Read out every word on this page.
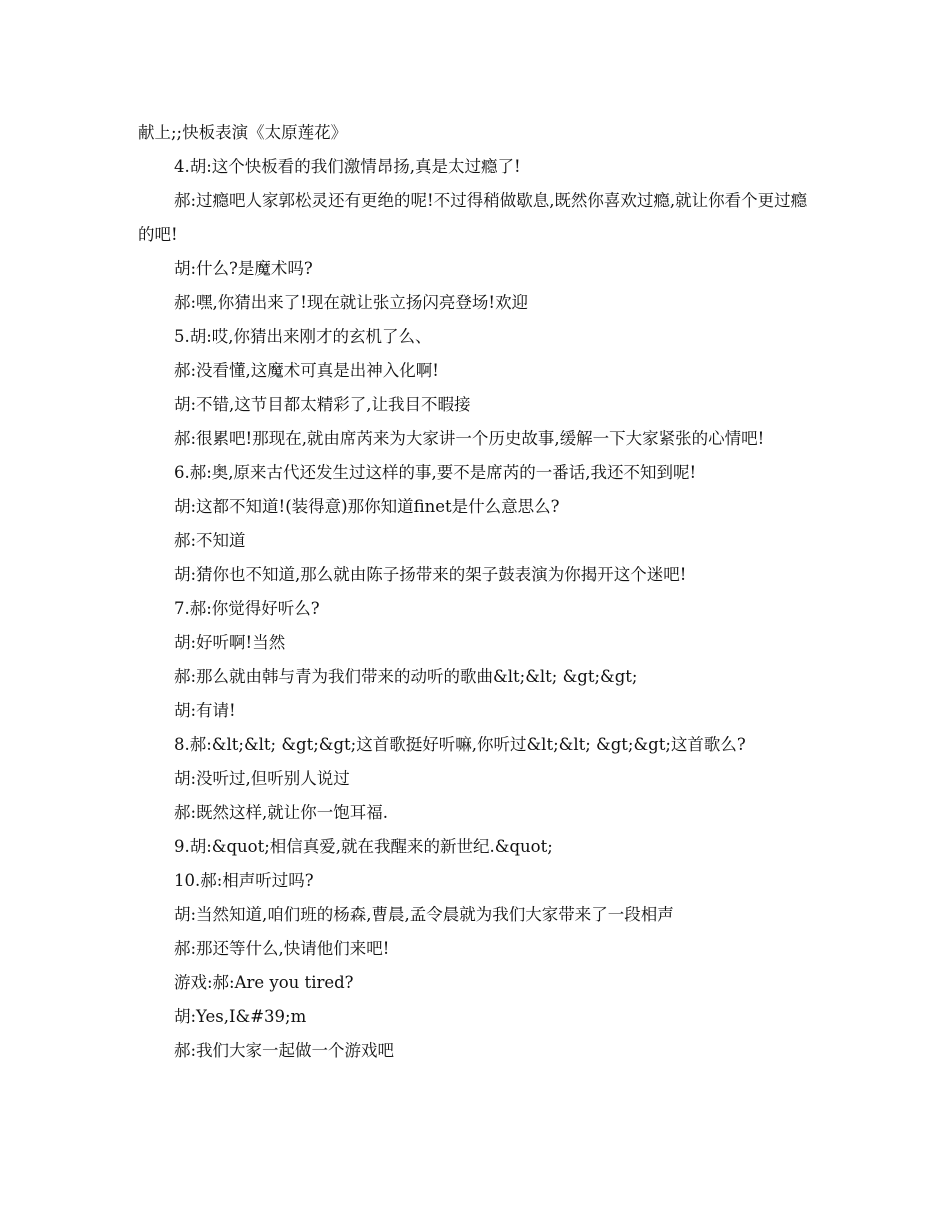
献上;;快板表演《太原莲花》

4.胡:这个快板看的我们激情昂扬,真是太过瘾了!

郝:过瘾吧人家郭松灵还有更绝的呢!不过得稍做歇息,既然你喜欢过瘾,就让你看个更过瘾的吧!

胡:什么?是魔术吗?

郝:嘿,你猜出来了!现在就让张立扬闪亮登场!欢迎

5.胡:哎,你猜出来刚才的玄机了么、

郝:没看懂,这魔术可真是出神入化啊!

胡:不错,这节目都太精彩了,让我目不暇接

郝:很累吧!那现在,就由席芮来为大家讲一个历史故事,缓解一下大家紧张的心情吧!

6.郝:奥,原来古代还发生过这样的事,要不是席芮的一番话,我还不知到呢!

胡:这都不知道!(装得意)那你知道finet是什么意思么?

郝:不知道

胡:猜你也不知道,那么就由陈子扬带来的架子鼓表演为你揭开这个迷吧!

7.郝:你觉得好听么?

胡:好听啊!当然

郝:那么就由韩与青为我们带来的动听的歌曲&lt;&lt; &gt;&gt;

胡:有请!

8.郝:&lt;&lt; &gt;&gt;这首歌挺好听嘛,你听过&lt;&lt; &gt;&gt;这首歌么?

胡:没听过,但听别人说过

郝:既然这样,就让你一饱耳福.

9.胡:&quot;相信真爱,就在我醒来的新世纪.&quot;

10.郝:相声听过吗?

胡:当然知道,咱们班的杨森,曹晨,孟令晨就为我们大家带来了一段相声

郝:那还等什么,快请他们来吧!

游戏:郝:Are you tired?

胡:Yes,I&#39;m

郝:我们大家一起做一个游戏吧
